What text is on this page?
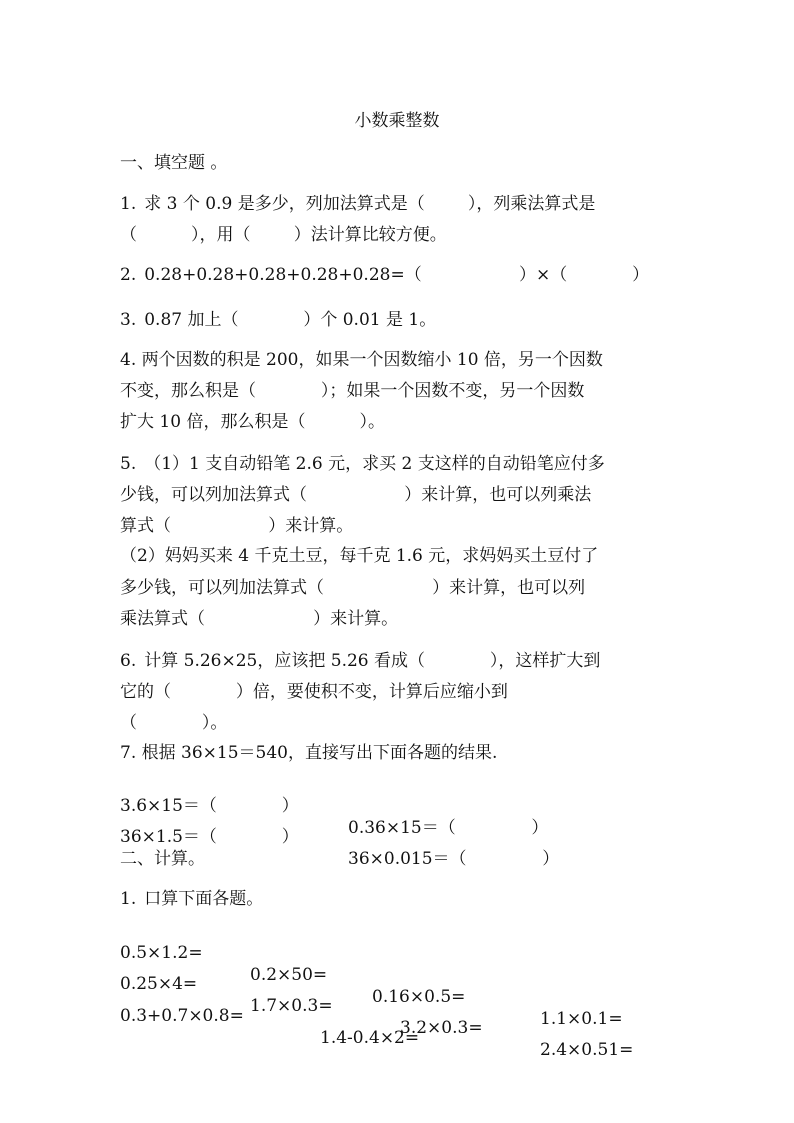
小数乘整数
一、填空题 。
1. 求 3 个 0.9 是多少，列加法算式是（        ），列乘法算式是
（          ），用（        ）法计算比较方便。
2. 0.28+0.28+0.28+0.28+0.28=（                  ）×（            ）
3. 0.87 加上（            ）个 0.01 是 1。
4. 两个因数的积是 200，如果一个因数缩小 10 倍，另一个因数
不变，那么积是（            ）；如果一个因数不变，另一个因数
扩大 10 倍，那么积是（          ）。
5. （1）1 支自动铅笔 2.6 元，求买 2 支这样的自动铅笔应付多
少钱，可以列加法算式（                  ）来计算，也可以列乘法
算式（                  ）来计算。
（2）妈妈买来 4 千克土豆，每千克 1.6 元，求妈妈买土豆付了
多少钱，可以列加法算式（                    ）来计算，也可以列
乘法算式（                    ）来计算。
6. 计算 5.26×25，应该把 5.26 看成（            ），这样扩大到
它的（            ）倍，要使积不变，计算后应缩小到
（            ）。
7. 根据 36×15＝540，直接写出下面各题的结果.

3.6×15＝（            ）

0.36×15＝（              ）

36×1.5＝（            ）

36×0.015＝（              ）

二、计算。
1. 口算下面各题。

0.5×1.2=

0.2×50=

0.16×0.5=

1.1×0.1=

0.25×4=

1.7×0.3=

3.2×0.3=

2.4×0.51=

0.3+0.7×0.8=

1.4-0.4×2=
